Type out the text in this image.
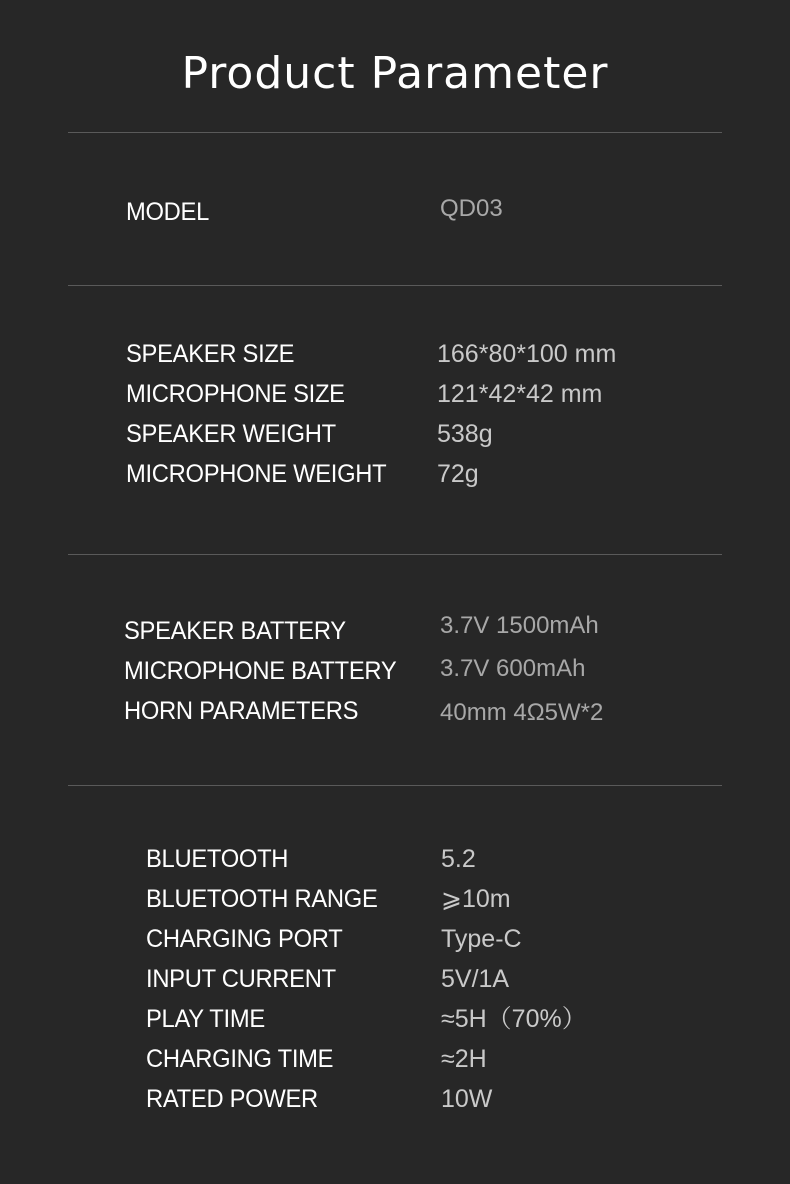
Product Parameter
MODEL	QD03
SPEAKER SIZE	166*80*100 mm
MICROPHONE SIZE	121*42*42 mm
SPEAKER WEIGHT	538g
MICROPHONE WEIGHT 72g
SPEAKER BATTERY	3.7V 1500mAh
MICROPHONE BATTERY 3.7V 600mAh
HORN PARAMETERS	40mm 4Ω5W*2
BLUETOOTH	5.2
BLUETOOTH RANGE	⩾10m
CHARGING PORT	Type-C
INPUT CURRENT	5V/1A
PLAY TIME	≈5H（70%）
CHARGING TIME	≈2H
RATED POWER	10W
